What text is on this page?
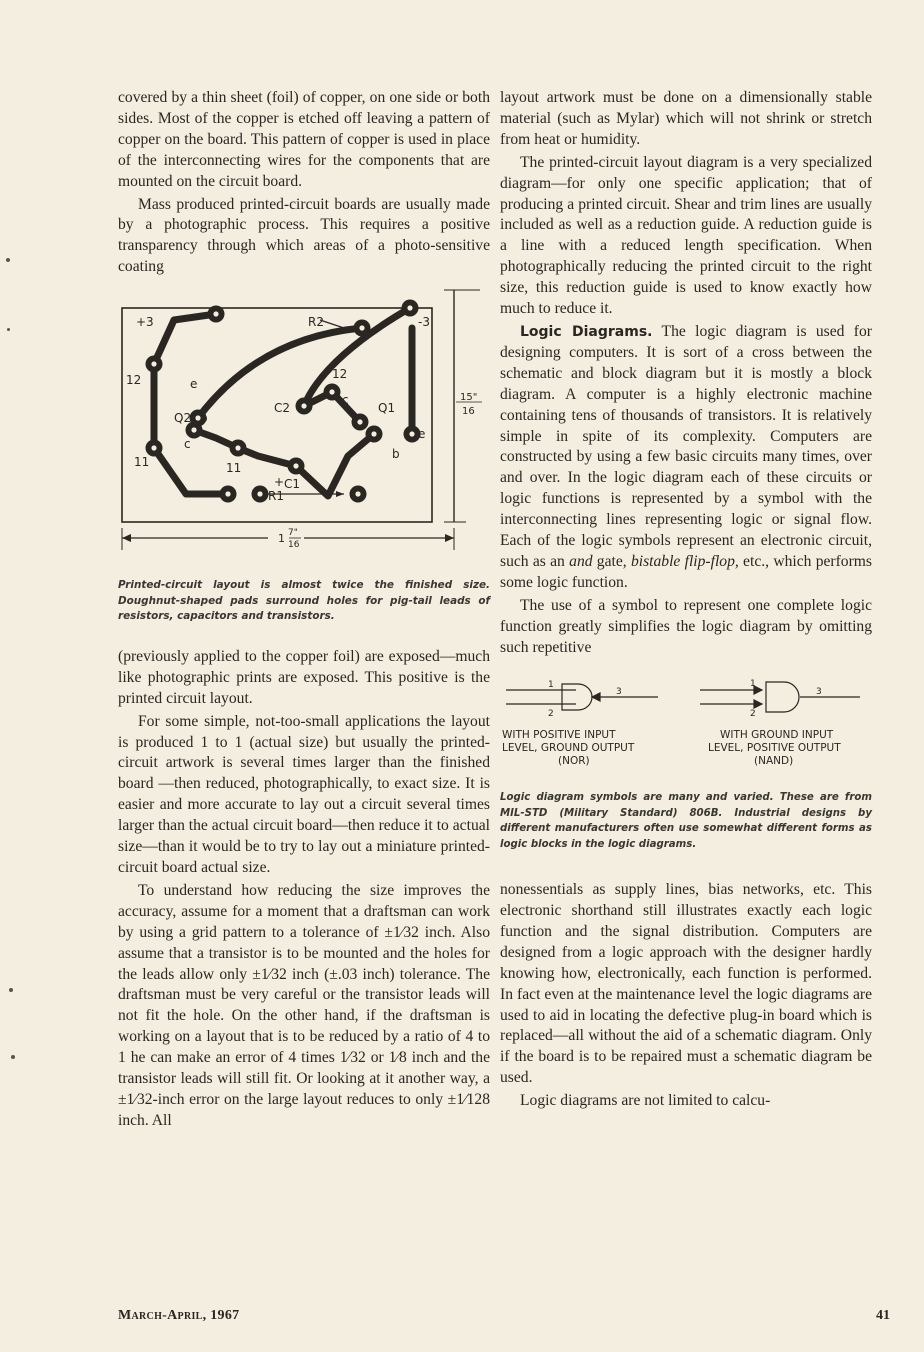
covered by a thin sheet (foil) of copper, on one side or both sides. Most of the copper is etched off leaving a pattern of copper on the board. This pattern of copper is used in place of the interconnecting wires for the components that are mounted on the circuit board.

Mass produced printed-circuit boards are usually made by a photographic process. This requires a positive transparency through which areas of a photo-sensitive coating

+3	R2	-3
12	e
12
C2 +	c
Q1
Q2 b
e
c
b
11	11
+ C1
R1
15"
16
1 7"
16

Printed-circuit layout is almost twice the finished size. Doughnut-shaped pads surround holes for pig-tail leads of resistors, capacitors and transistors.

(previously applied to the copper foil) are exposed—much like photographic prints are exposed. This positive is the printed circuit layout.

For some simple, not-too-small applications the layout is produced 1 to 1 (actual size) but usually the printed-circuit artwork is several times larger than the finished board —then reduced, photographically, to exact size. It is easier and more accurate to lay out a circuit several times larger than the actual circuit board—then reduce it to actual size—than it would be to try to lay out a miniature printed-circuit board actual size.

To understand how reducing the size improves the accuracy, assume for a moment that a draftsman can work by using a grid pattern to a tolerance of ±1⁄32 inch. Also assume that a transistor is to be mounted and the holes for the leads allow only ±1⁄32 inch (±.03 inch) tolerance. The draftsman must be very careful or the transistor leads will not fit the hole. On the other hand, if the draftsman is working on a layout that is to be reduced by a ratio of 4 to 1 he can make an error of 4 times 1⁄32 or 1⁄8 inch and the transistor leads will still fit. Or looking at it another way, a ±1⁄32-inch error on the large layout reduces to only ±1⁄128 inch. All

layout artwork must be done on a dimensionally stable material (such as Mylar) which will not shrink or stretch from heat or humidity.

The printed-circuit layout diagram is a very specialized diagram—for only one specific application; that of producing a printed circuit. Shear and trim lines are usually included as well as a reduction guide. A reduction guide is a line with a reduced length specification. When photographically reducing the printed circuit to the right size, this reduction guide is used to know exactly how much to reduce it.

Logic Diagrams. The logic diagram is used for designing computers. It is sort of a cross between the schematic and block diagram but it is mostly a block diagram. A computer is a highly electronic machine containing tens of thousands of transistors. It is relatively simple in spite of its complexity. Computers are constructed by using a few basic circuits many times, over and over. In the logic diagram each of these circuits or logic functions is represented by a symbol with the interconnecting lines representing logic or signal flow. Each of the logic symbols represent an electronic circuit, such as an and gate, bistable flip-flop, etc., which performs some logic function.

The use of a symbol to represent one complete logic function greatly simplifies the logic diagram by omitting such repetitive

1
2
3
1
2
3
WITH POSITIVE INPUT
LEVEL, GROUND OUTPUT
(NOR)
WITH GROUND INPUT
LEVEL, POSITIVE OUTPUT
(NAND)

Logic diagram symbols are many and varied. These are from MIL-STD (Military Standard) 806B. Industrial designs by different manufacturers often use somewhat different forms as logic blocks in the logic diagrams.

nonessentials as supply lines, bias networks, etc. This electronic shorthand still illustrates exactly each logic function and the signal distribution. Computers are designed from a logic approach with the designer hardly knowing how, electronically, each function is performed. In fact even at the maintenance level the logic diagrams are used to aid in locating the defective plug-in board which is replaced—all without the aid of a schematic diagram. Only if the board is to be repaired must a schematic diagram be used.

Logic diagrams are not limited to calcu-

March-April, 1967	41
